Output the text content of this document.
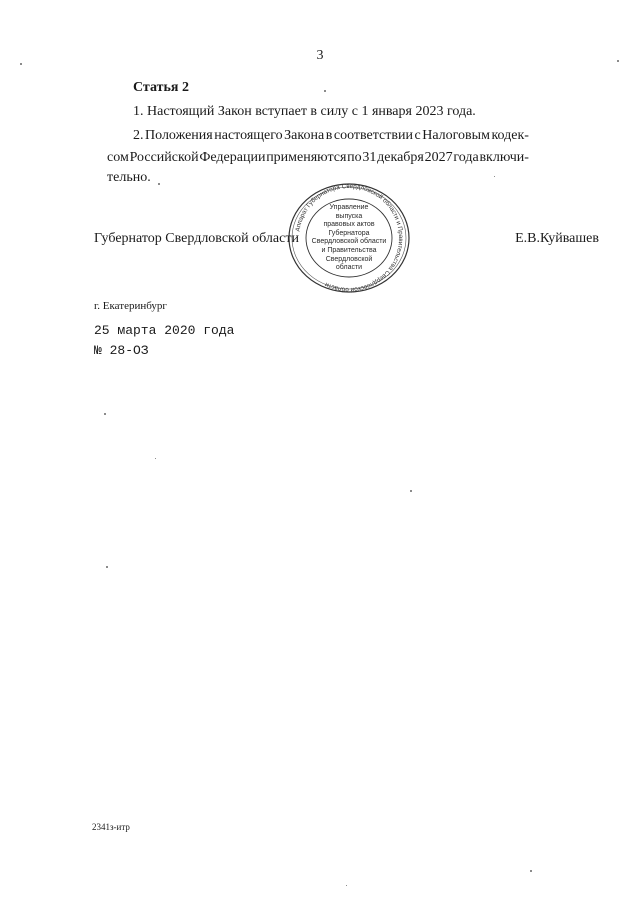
3
Статья 2
1. Настоящий Закон вступает в силу с 1 января 2023 года.
2. Положения настоящего Закона в соответствии с Налоговым кодек-
сом Российской Федерации применяются по 31 декабря 2027 года включи-
тельно.
Губернатор Свердловской области	Е.В.Куйвашев
Аппарат Губернатора Свердловской области и Правительства Свердловской области
Управление
выпуска
правовых актов
Губернатора
Свердловской области
и Правительства
Свердловской
области
г. Екатеринбург
25 марта 2020 года
№ 28-ОЗ
2341з-итр
